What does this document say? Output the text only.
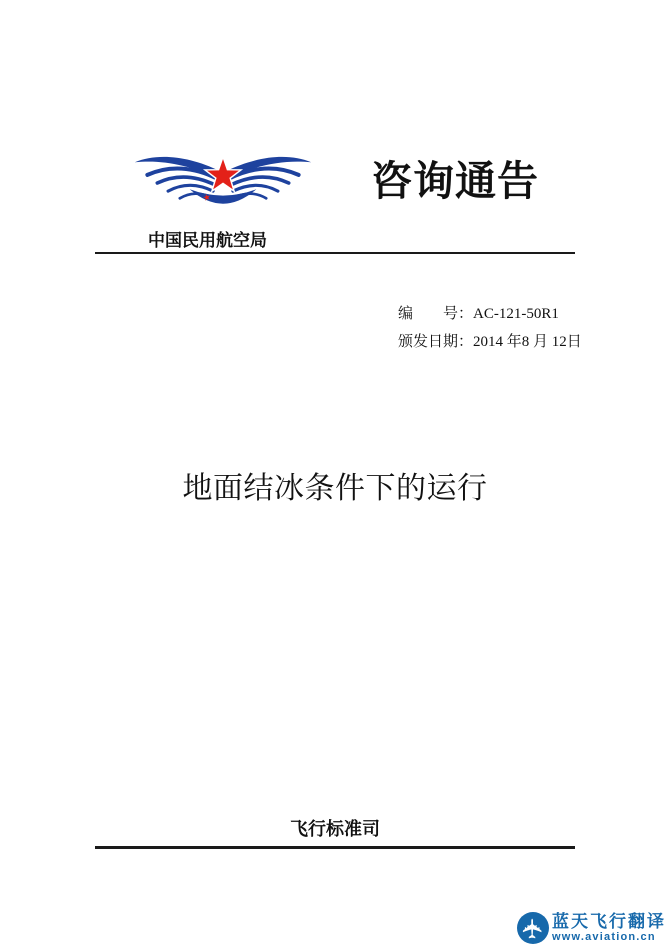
咨询通告
中国民用航空局
编　　号：AC-121-50R1
颁发日期：2014 年8 月 12日
地面结冰条件下的运行
飞行标准司
✈ 蓝天飞行翻译
www.aviation.cn
